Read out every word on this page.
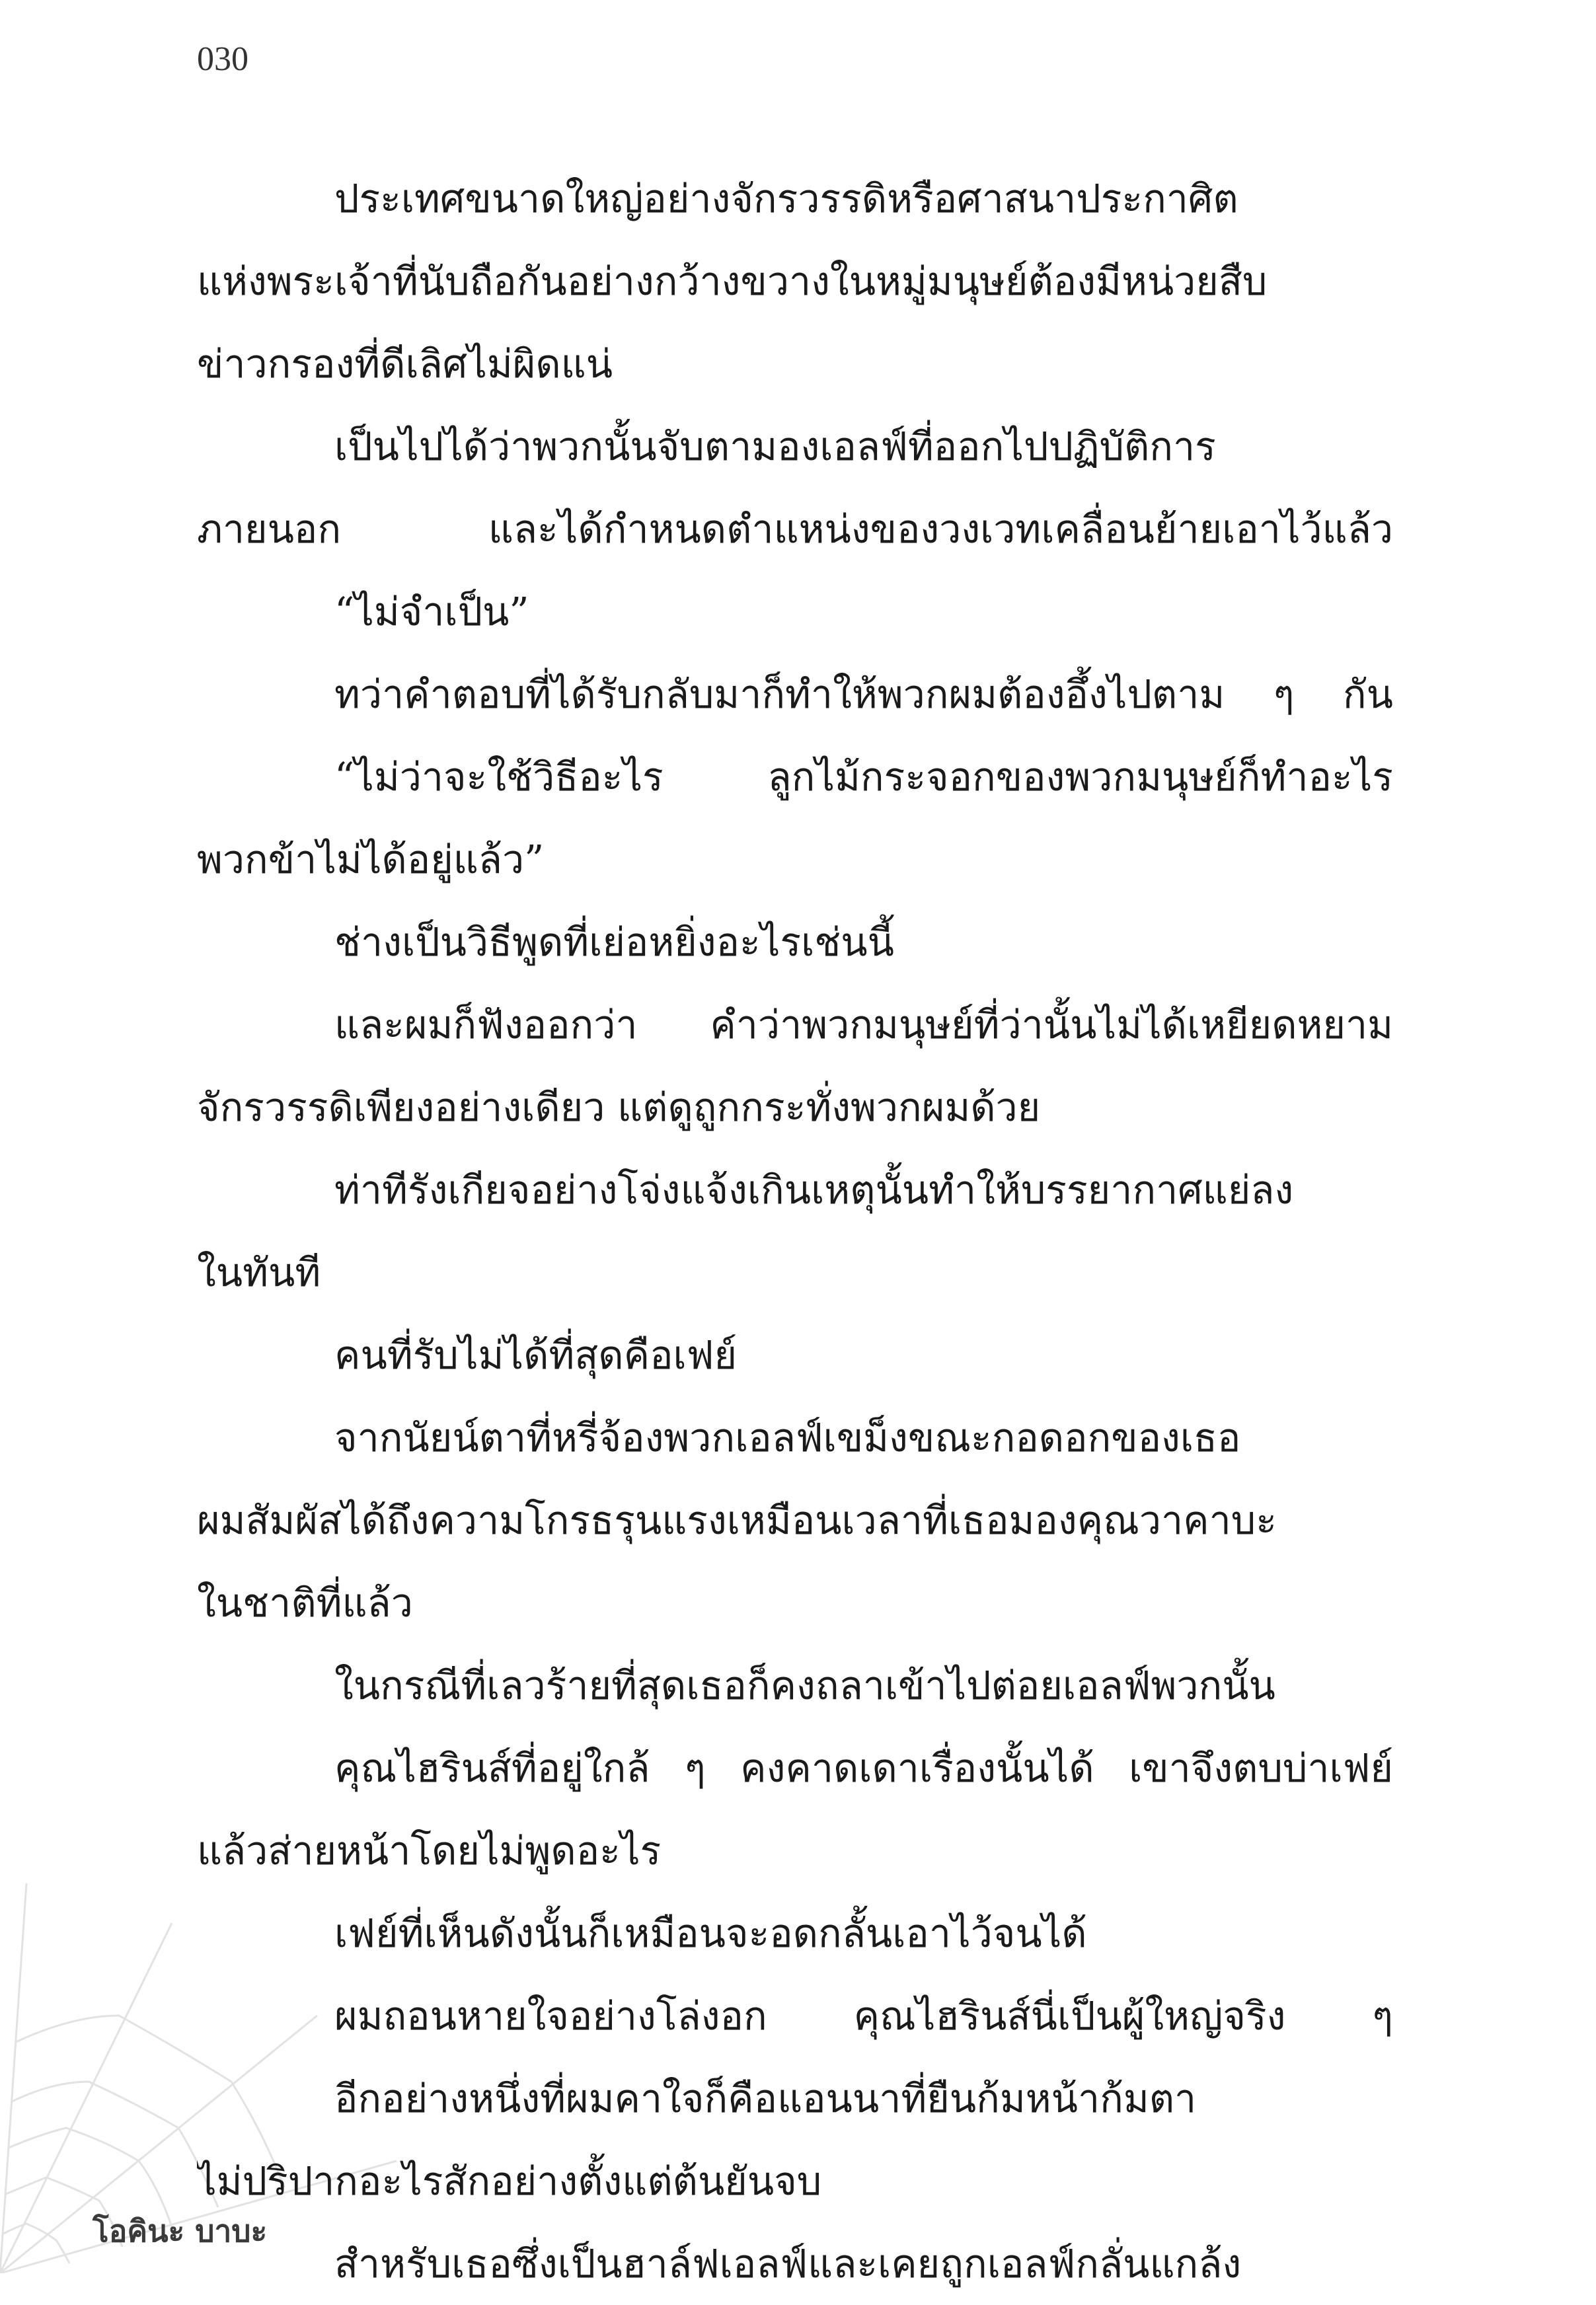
030

ประเทศขนาดใหญ่อย่างจักรวรรดิหรือศาสนาประกาศิต
แห่งพระเจ้าที่นับถือกันอย่างกว้างขวางในหมู่มนุษย์ต้องมีหน่วยสืบ
ข่าวกรองที่ดีเลิศไม่ผิดแน่
เป็นไปได้ว่าพวกนั้นจับตามองเอลฟ์ที่ออกไปปฏิบัติการ
ภายนอก และได้กำหนดตำแหน่งของวงเวทเคลื่อนย้ายเอาไว้แล้ว
“ไม่จำเป็น”
ทว่าคำตอบที่ได้รับกลับมาก็ทำให้พวกผมต้องอึ้งไปตาม ๆ กัน
“ไม่ว่าจะใช้วิธีอะไร ลูกไม้กระจอกของพวกมนุษย์ก็ทำอะไร
พวกข้าไม่ได้อยู่แล้ว”
ช่างเป็นวิธีพูดที่เย่อหยิ่งอะไรเช่นนี้
และผมก็ฟังออกว่า คำว่าพวกมนุษย์ที่ว่านั้นไม่ได้เหยียดหยาม
จักรวรรดิเพียงอย่างเดียว แต่ดูถูกกระทั่งพวกผมด้วย
ท่าทีรังเกียจอย่างโจ่งแจ้งเกินเหตุนั้นทำให้บรรยากาศแย่ลง
ในทันที
คนที่รับไม่ได้ที่สุดคือเฟย์
จากนัยน์ตาที่หรี่จ้องพวกเอลฟ์เขม็งขณะกอดอกของเธอ
ผมสัมผัสได้ถึงความโกรธรุนแรงเหมือนเวลาที่เธอมองคุณวาคาบะ
ในชาติที่แล้ว
ในกรณีที่เลวร้ายที่สุดเธอก็คงถลาเข้าไปต่อยเอลฟ์พวกนั้น
คุณไฮรินส์ที่อยู่ใกล้ ๆ คงคาดเดาเรื่องนั้นได้ เขาจึงตบบ่าเฟย์
แล้วส่ายหน้าโดยไม่พูดอะไร
เฟย์ที่เห็นดังนั้นก็เหมือนจะอดกลั้นเอาไว้จนได้
ผมถอนหายใจอย่างโล่งอก คุณไฮรินส์นี่เป็นผู้ใหญ่จริง ๆ
อีกอย่างหนึ่งที่ผมคาใจก็คือแอนนาที่ยืนก้มหน้าก้มตา
ไม่ปริปากอะไรสักอย่างตั้งแต่ต้นยันจบ
สำหรับเธอซึ่งเป็นฮาล์ฟเอลฟ์และเคยถูกเอลฟ์กลั่นแกล้ง

โอคินะ บาบะ
